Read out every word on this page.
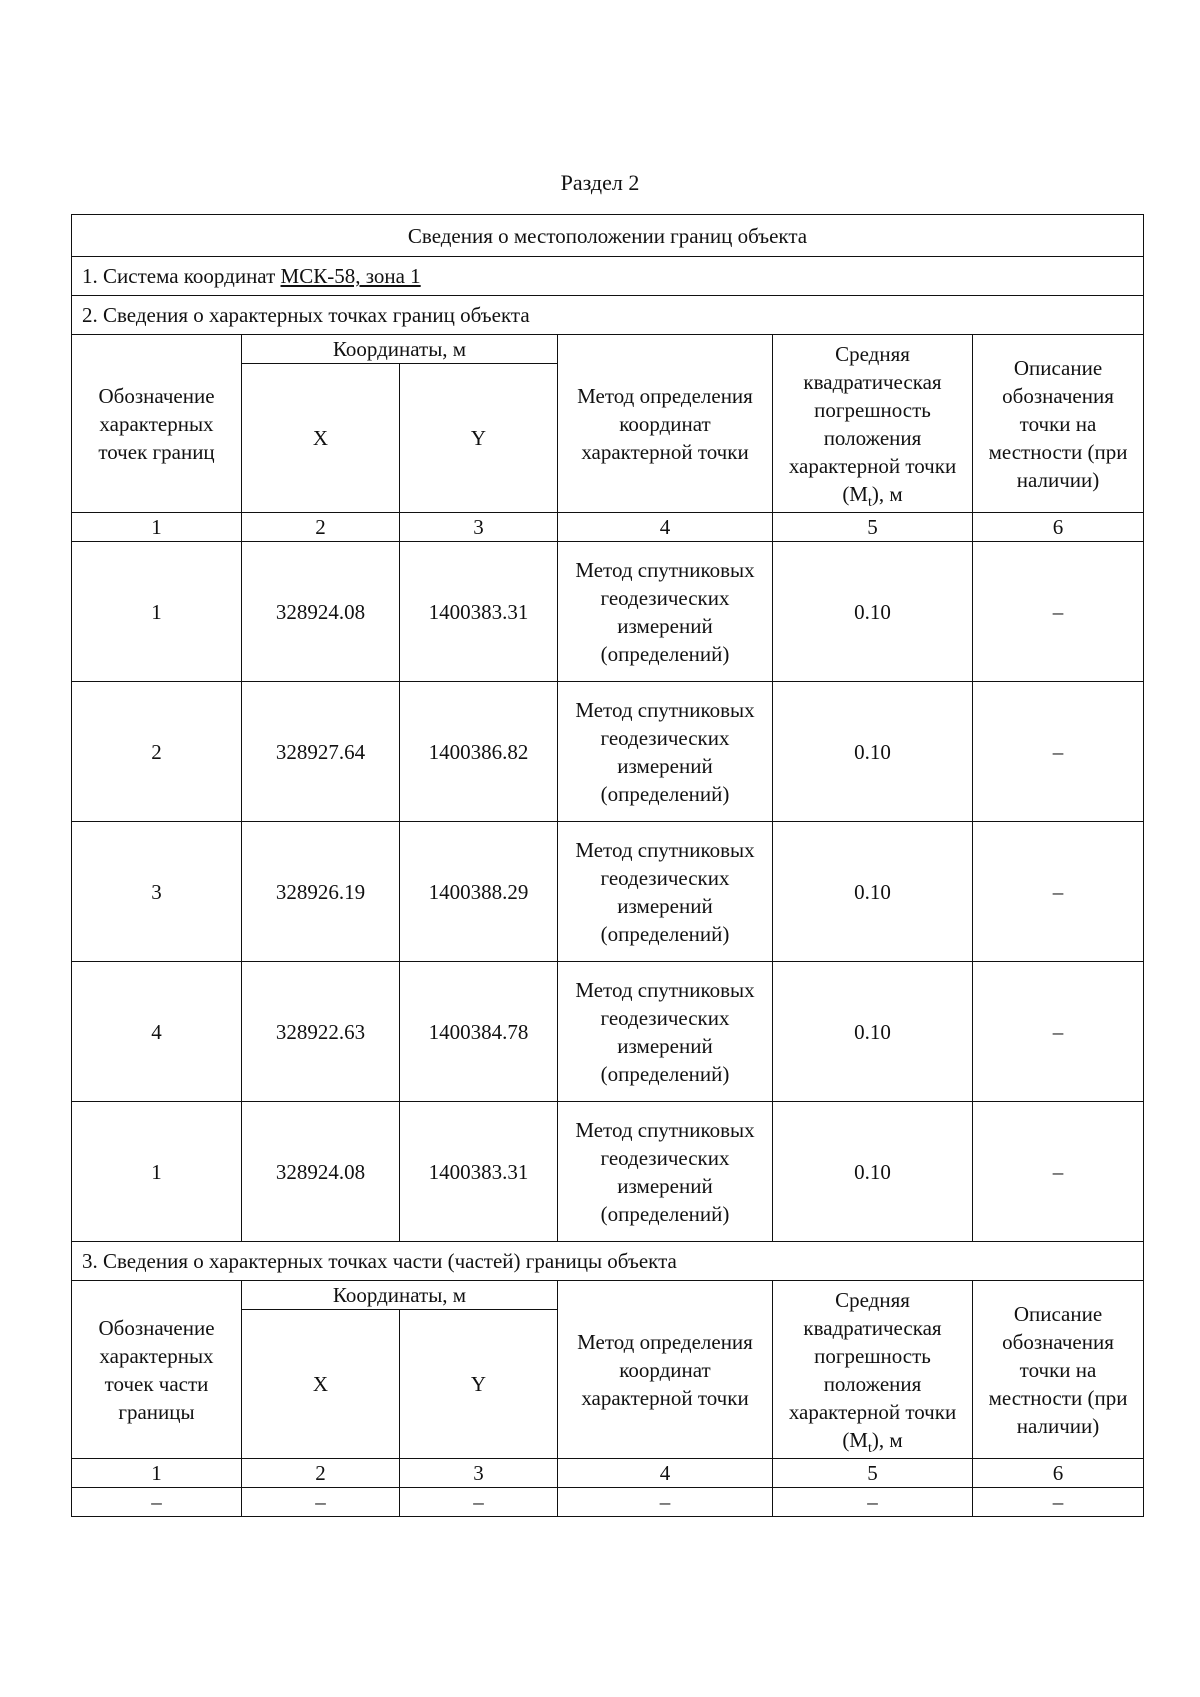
Раздел 2
Сведения о местоположении границ объекта					
1. Система координат МСК-58, зона 1					
2. Сведения о характерных точках границ объекта					
Обозначение характерных точек границ	Координаты, м		Метод определения координат характерной точки	Средняя квадратическая погрешность положения характерной точки $(M_t)$, м	Описание обозначения точки на местности (при наличии)
	X	Y			
1	2	3	4	5	6
1	328924.08	1400383.31	Метод спутниковых геодезических измерений (определений)	0.10	–
2	328927.64	1400386.82	Метод спутниковых геодезических измерений (определений)	0.10	–
3	328926.19	1400388.29	Метод спутниковых геодезических измерений (определений)	0.10	–
4	328922.63	1400384.78	Метод спутниковых геодезических измерений (определений)	0.10	–
1	328924.08	1400383.31	Метод спутниковых геодезических измерений (определений)	0.10	–
3. Сведения о характерных точках части (частей) границы объекта					
Обозначение характерных точек части границы	Координаты, м		Метод определения координат характерной точки	Средняя квадратическая погрешность положения характерной точки $(M_t)$, м	Описание обозначения точки на местности (при наличии)
	X	Y			
1	2	3	4	5	6
–	–	–	–	–	–
